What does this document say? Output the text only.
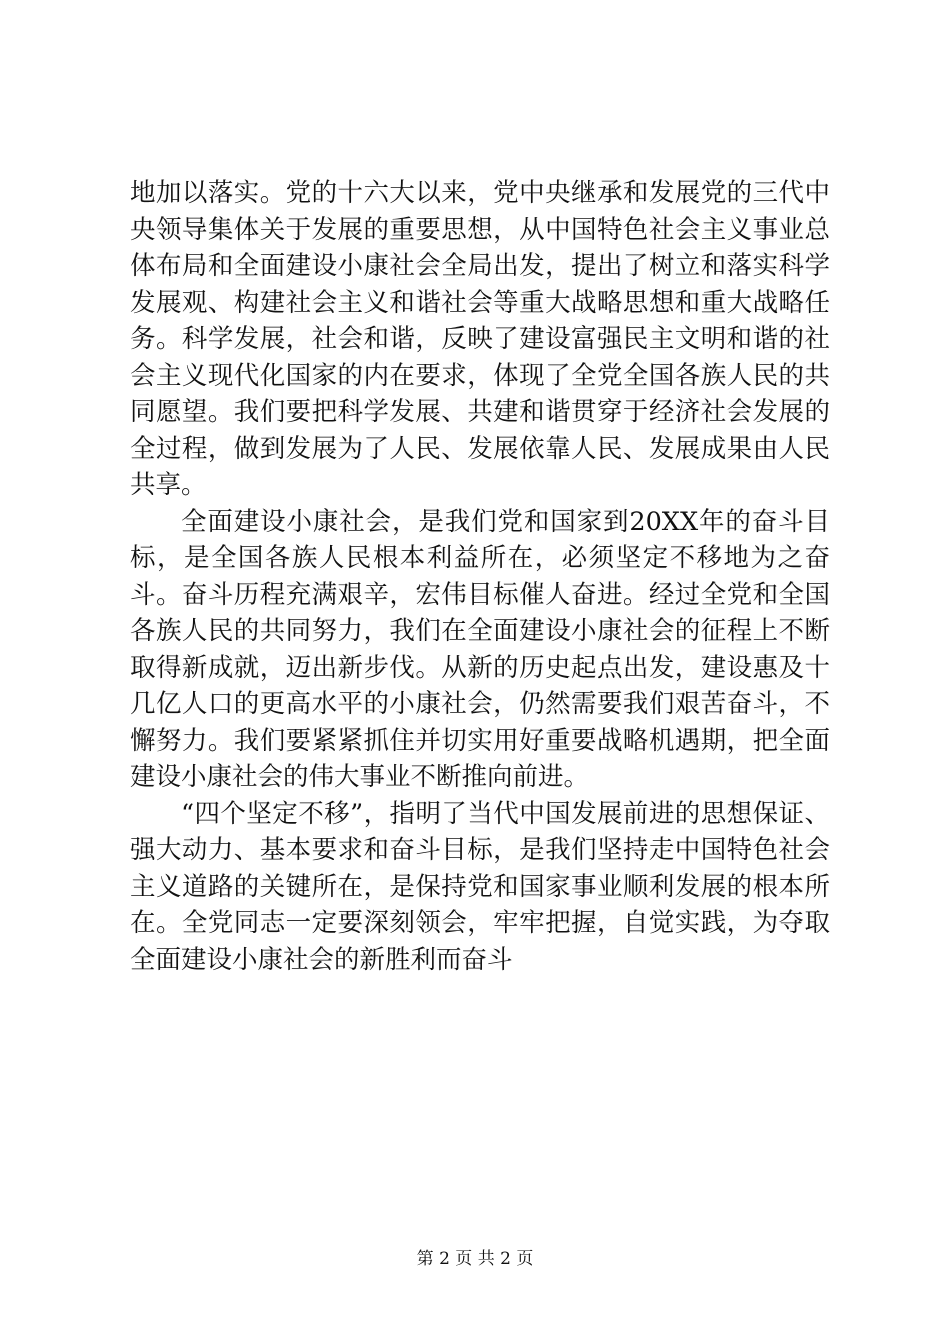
地加以落实。党的十六大以来，党中央继承和发展党的三代中央领导集体关于发展的重要思想，从中国特色社会主义事业总体布局和全面建设小康社会全局出发，提出了树立和落实科学发展观、构建社会主义和谐社会等重大战略思想和重大战略任务。科学发展，社会和谐，反映了建设富强民主文明和谐的社会主义现代化国家的内在要求，体现了全党全国各族人民的共同愿望。我们要把科学发展、共建和谐贯穿于经济社会发展的全过程，做到发展为了人民、发展依靠人民、发展成果由人民共享。

全面建设小康社会，是我们党和国家到20XX年的奋斗目标，是全国各族人民根本利益所在，必须坚定不移地为之奋斗。奋斗历程充满艰辛，宏伟目标催人奋进。经过全党和全国各族人民的共同努力，我们在全面建设小康社会的征程上不断取得新成就，迈出新步伐。从新的历史起点出发，建设惠及十几亿人口的更高水平的小康社会，仍然需要我们艰苦奋斗，不懈努力。我们要紧紧抓住并切实用好重要战略机遇期，把全面建设小康社会的伟大事业不断推向前进。

“四个坚定不移”，指明了当代中国发展前进的思想保证、强大动力、基本要求和奋斗目标，是我们坚持走中国特色社会主义道路的关键所在，是保持党和国家事业顺利发展的根本所在。全党同志一定要深刻领会，牢牢把握，自觉实践，为夺取全面建设小康社会的新胜利而奋斗

第 2 页 共 2 页
